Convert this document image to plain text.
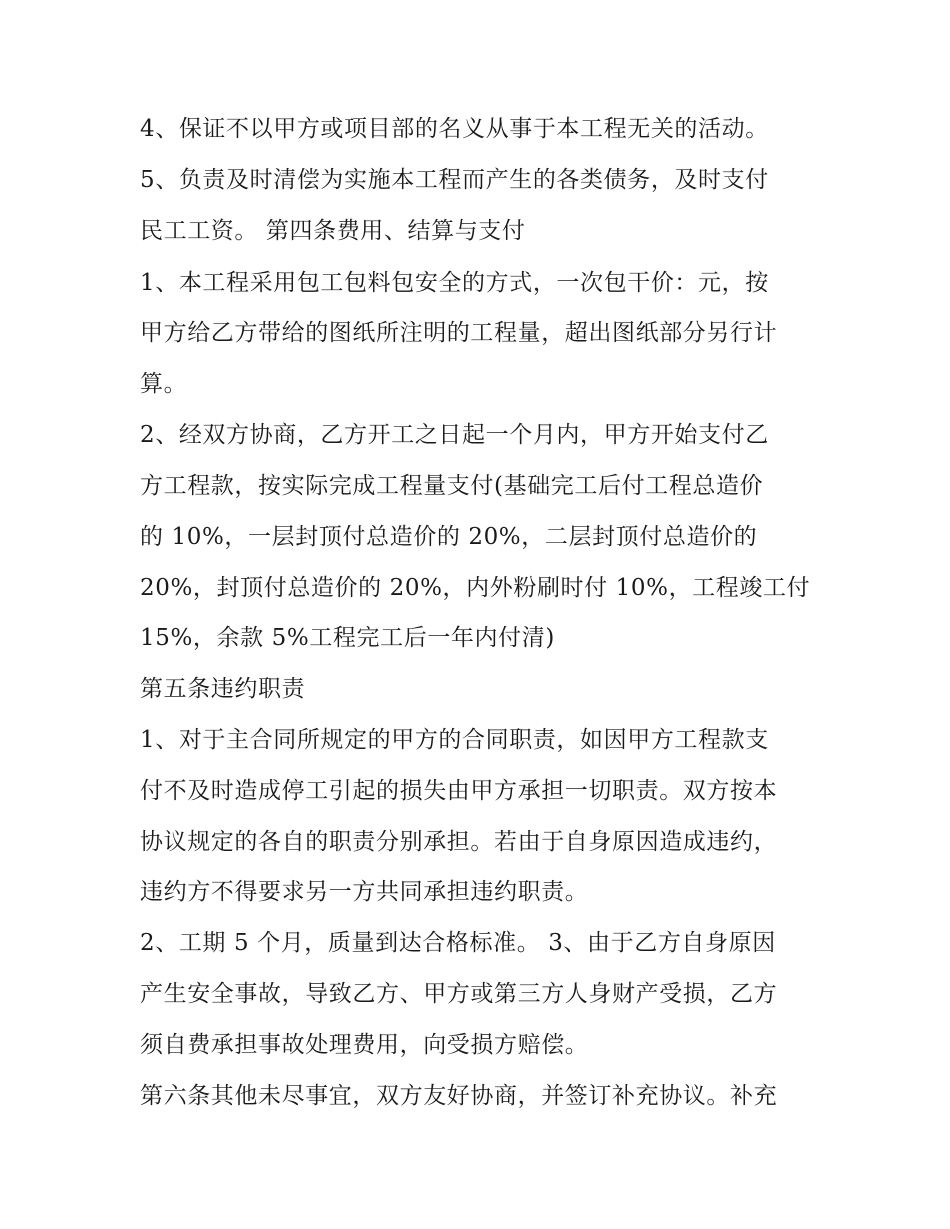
4、保证不以甲方或项目部的名义从事于本工程无关的活动。
5、负责及时清偿为实施本工程而产生的各类债务，及时支付
民工工资。 第四条费用、结算与支付
1、本工程采用包工包料包安全的方式，一次包干价：元，按
甲方给乙方带给的图纸所注明的工程量，超出图纸部分另行计
算。
2、经双方协商，乙方开工之日起一个月内，甲方开始支付乙
方工程款，按实际完成工程量支付(基础完工后付工程总造价
的 10%，一层封顶付总造价的 20%，二层封顶付总造价的
20%，封顶付总造价的 20%，内外粉刷时付 10%，工程竣工付
15%，余款 5%工程完工后一年内付清)
第五条违约职责
1、对于主合同所规定的甲方的合同职责，如因甲方工程款支
付不及时造成停工引起的损失由甲方承担一切职责。双方按本
协议规定的各自的职责分别承担。若由于自身原因造成违约，
违约方不得要求另一方共同承担违约职责。
2、工期 5 个月，质量到达合格标准。 3、由于乙方自身原因
产生安全事故，导致乙方、甲方或第三方人身财产受损，乙方
须自费承担事故处理费用，向受损方赔偿。
第六条其他未尽事宜，双方友好协商，并签订补充协议。补充
